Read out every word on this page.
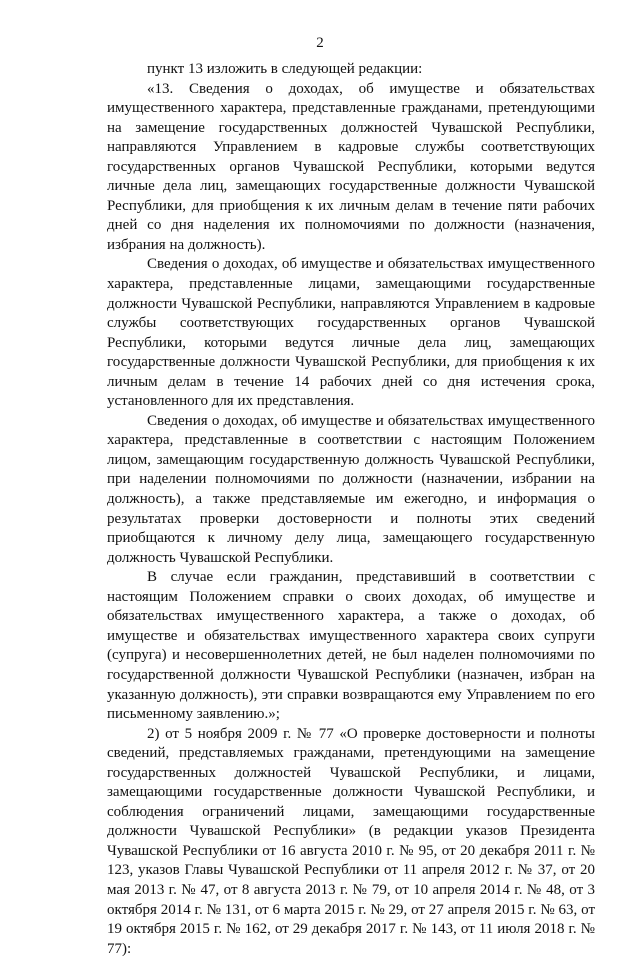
2

пункт 13 изложить в следующей редакции:

«13. Сведения о доходах, об имуществе и обязательствах имущественного характера, представленные гражданами, претендующими на замещение государственных должностей Чувашской Республики, направляются Управлением в кадровые службы соответствующих государственных органов Чувашской Республики, которыми ведутся личные дела лиц, замещающих государственные должности Чувашской Республики, для приобщения к их личным делам в течение пяти рабочих дней со дня наделения их полномочиями по должности (назначения, избрания на должность).

Сведения о доходах, об имуществе и обязательствах имущественного характера, представленные лицами, замещающими государственные должности Чувашской Республики, направляются Управлением в кадровые службы соответствующих государственных органов Чувашской Республики, которыми ведутся личные дела лиц, замещающих государственные должности Чувашской Республики, для приобщения к их личным делам в течение 14 рабочих дней со дня истечения срока, установленного для их представления.

Сведения о доходах, об имуществе и обязательствах имущественного характера, представленные в соответствии с настоящим Положением лицом, замещающим государственную должность Чувашской Республики, при наделении полномочиями по должности (назначении, избрании на должность), а также представляемые им ежегодно, и информация о результатах проверки достоверности и полноты этих сведений приобщаются к личному делу лица, замещающего государственную должность Чувашской Республики.

В случае если гражданин, представивший в соответствии с настоящим Положением справки о своих доходах, об имуществе и обязательствах имущественного характера, а также о доходах, об имуществе и обязательствах имущественного характера своих супруги (супруга) и несовершеннолетних детей, не был наделен полномочиями по государственной должности Чувашской Республики (назначен, избран на указанную должность), эти справки возвращаются ему Управлением по его письменному заявлению.»;

2) от 5 ноября 2009 г. № 77 «О проверке достоверности и полноты сведений, представляемых гражданами, претендующими на замещение государственных должностей Чувашской Республики, и лицами, замещающими государственные должности Чувашской Республики, и соблюдения ограничений лицами, замещающими государственные должности Чувашской Республики» (в редакции указов Президента Чувашской Республики от 16 августа 2010 г. № 95, от 20 декабря 2011 г. № 123, указов Главы Чувашской Республики от 11 апреля 2012 г. № 37, от 20 мая 2013 г. № 47, от 8 августа 2013 г. № 79, от 10 апреля 2014 г. № 48, от 3 октября 2014 г. № 131, от 6 марта 2015 г. № 29, от 27 апреля 2015 г. № 63, от 19 октября 2015 г. № 162, от 29 декабря 2017 г. № 143, от 11 июля 2018 г. № 77):
